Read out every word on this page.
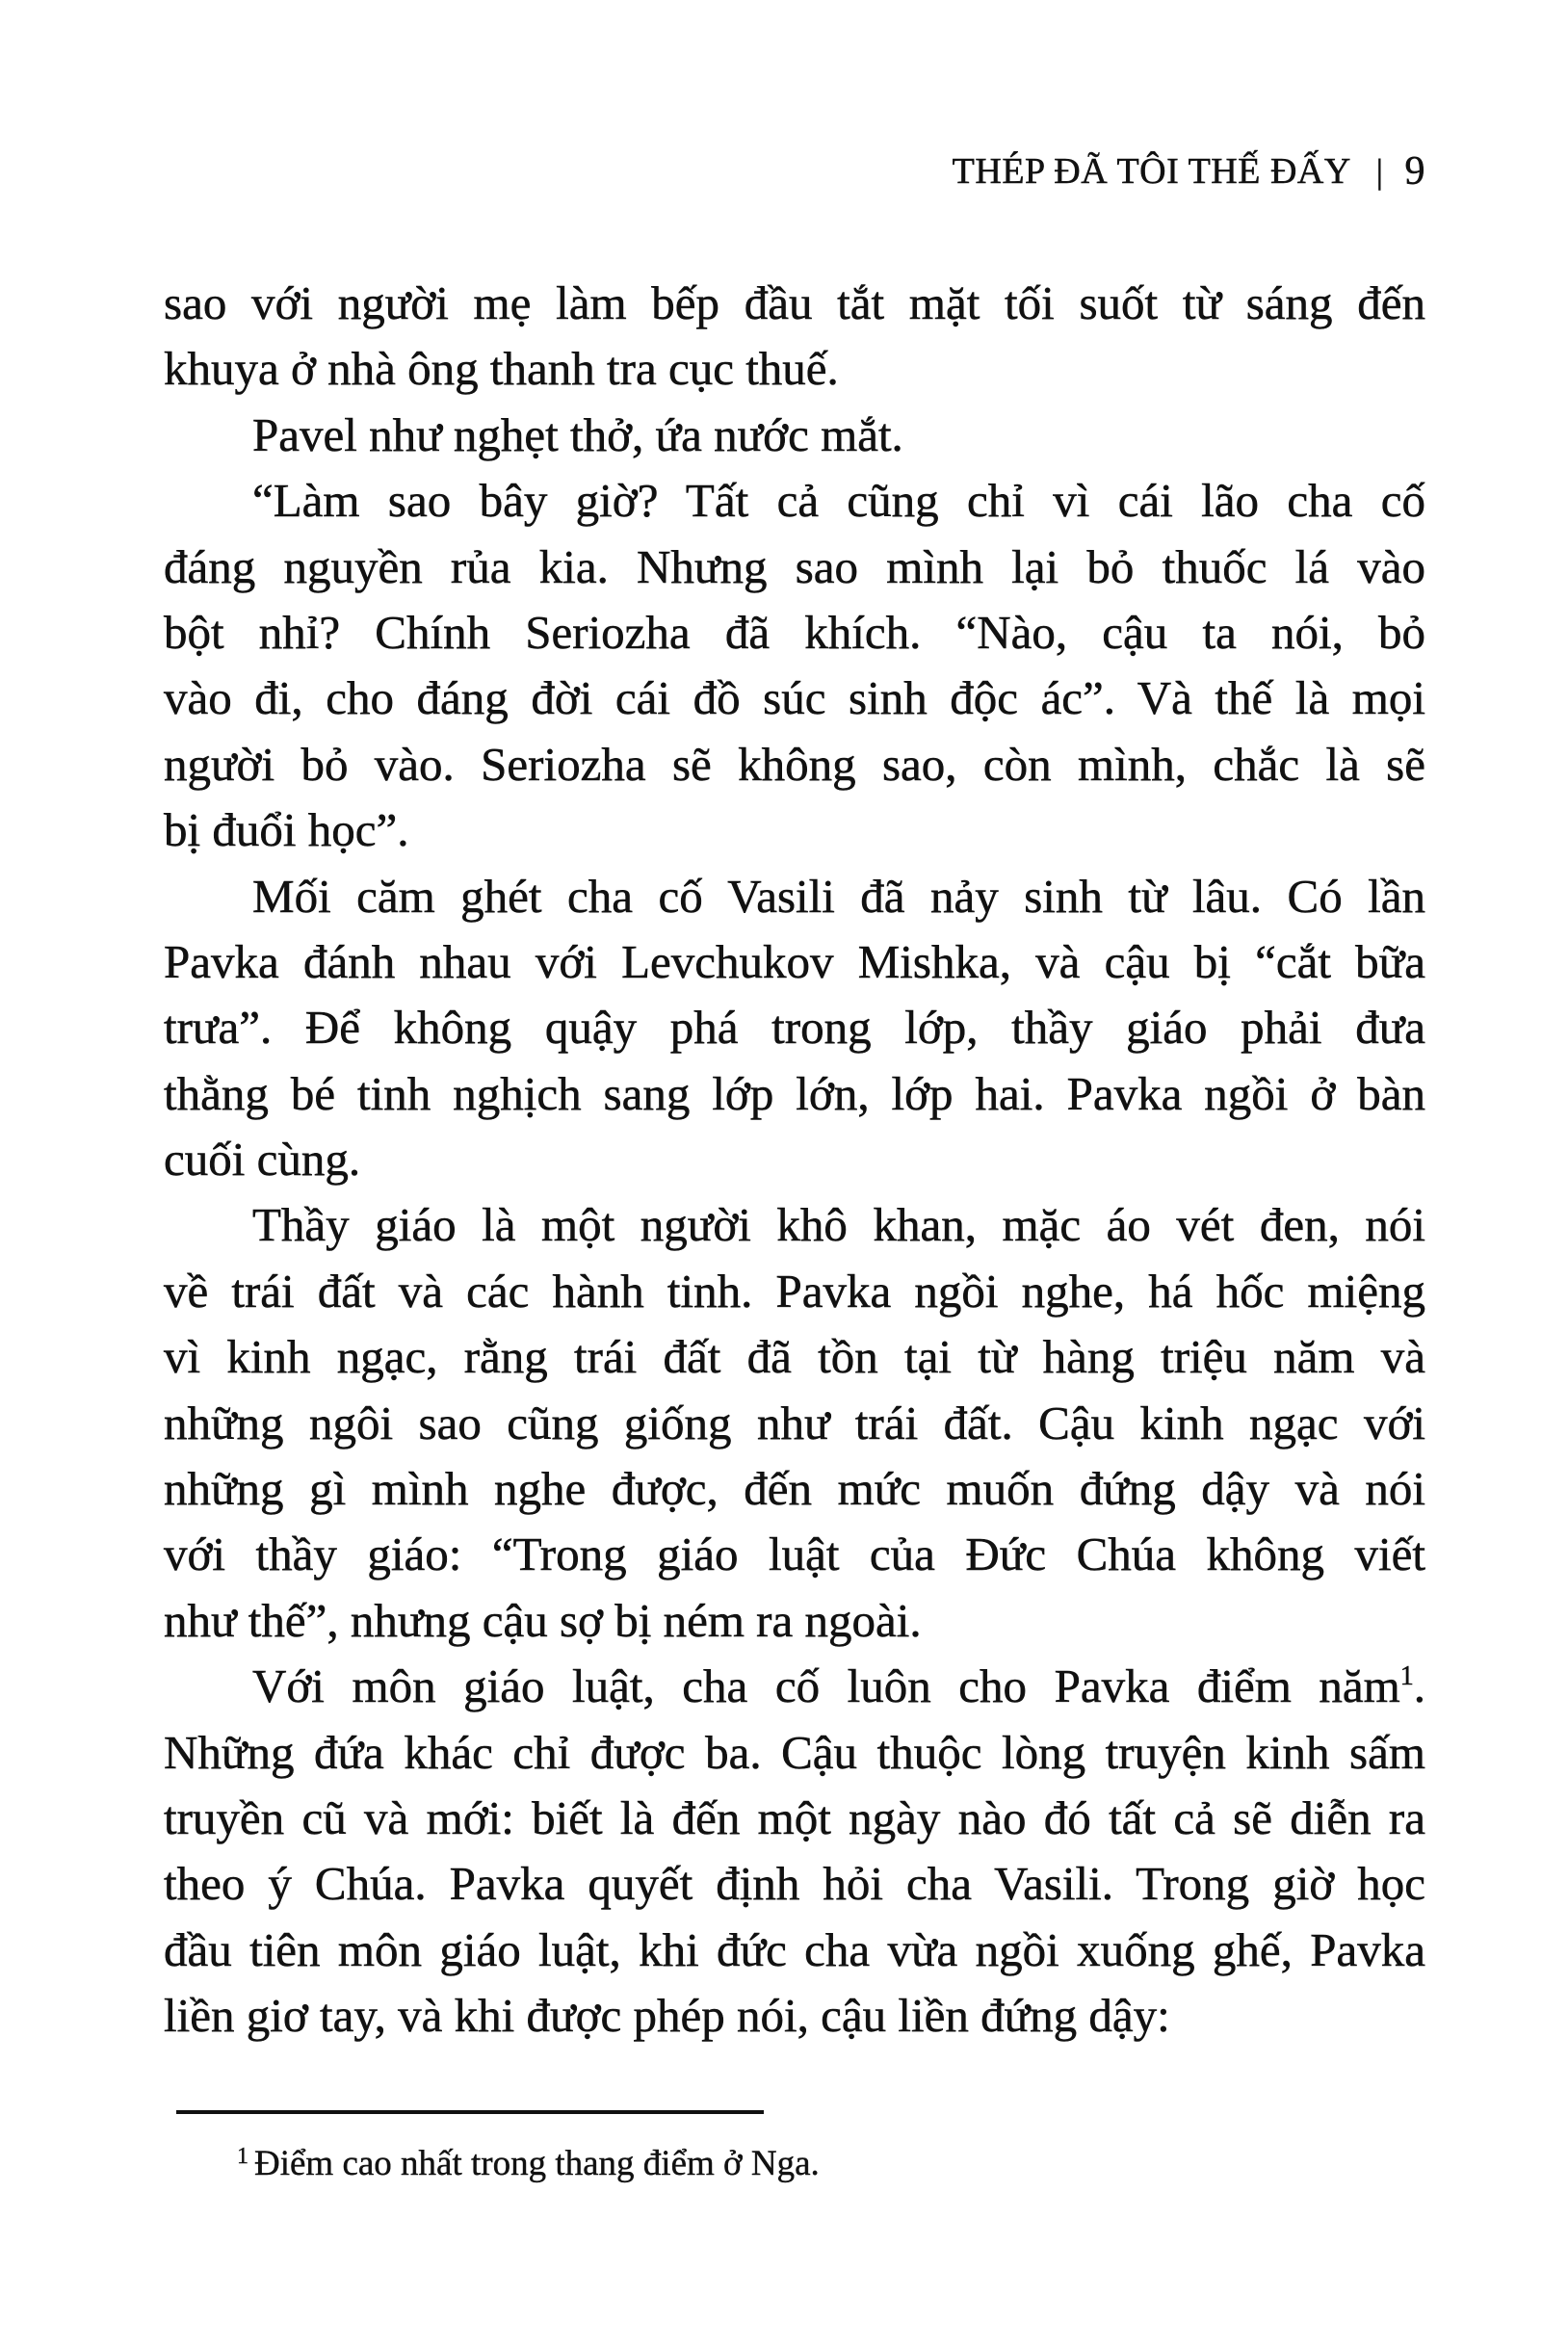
THÉP ĐÃ TÔI THẾ ĐẤY | 9
sao với người mẹ làm bếp đầu tắt mặt tối suốt từ sáng đến
khuya ở nhà ông thanh tra cục thuế.
Pavel như nghẹt thở, ứa nước mắt.
“Làm sao bây giờ? Tất cả cũng chỉ vì cái lão cha cố
đáng nguyền rủa kia. Nhưng sao mình lại bỏ thuốc lá vào
bột nhỉ? Chính Seriozha đã khích. “Nào, cậu ta nói, bỏ
vào đi, cho đáng đời cái đồ súc sinh độc ác”. Và thế là mọi
người bỏ vào. Seriozha sẽ không sao, còn mình, chắc là sẽ
bị đuổi học”.
Mối căm ghét cha cố Vasili đã nảy sinh từ lâu. Có lần
Pavka đánh nhau với Levchukov Mishka, và cậu bị “cắt bữa
trưa”. Để không quậy phá trong lớp, thầy giáo phải đưa
thằng bé tinh nghịch sang lớp lớn, lớp hai. Pavka ngồi ở bàn
cuối cùng.
Thầy giáo là một người khô khan, mặc áo vét đen, nói
về trái đất và các hành tinh. Pavka ngồi nghe, há hốc miệng
vì kinh ngạc, rằng trái đất đã tồn tại từ hàng triệu năm và
những ngôi sao cũng giống như trái đất. Cậu kinh ngạc với
những gì mình nghe được, đến mức muốn đứng dậy và nói
với thầy giáo: “Trong giáo luật của Đức Chúa không viết
như thế”, nhưng cậu sợ bị ném ra ngoài.
Với môn giáo luật, cha cố luôn cho Pavka điểm năm$^1$.
Những đứa khác chỉ được ba. Cậu thuộc lòng truyện kinh sấm
truyền cũ và mới: biết là đến một ngày nào đó tất cả sẽ diễn ra
theo ý Chúa. Pavka quyết định hỏi cha Vasili. Trong giờ học
đầu tiên môn giáo luật, khi đức cha vừa ngồi xuống ghế, Pavka
liền giơ tay, và khi được phép nói, cậu liền đứng dậy:
$^1$ Điểm cao nhất trong thang điểm ở Nga.
